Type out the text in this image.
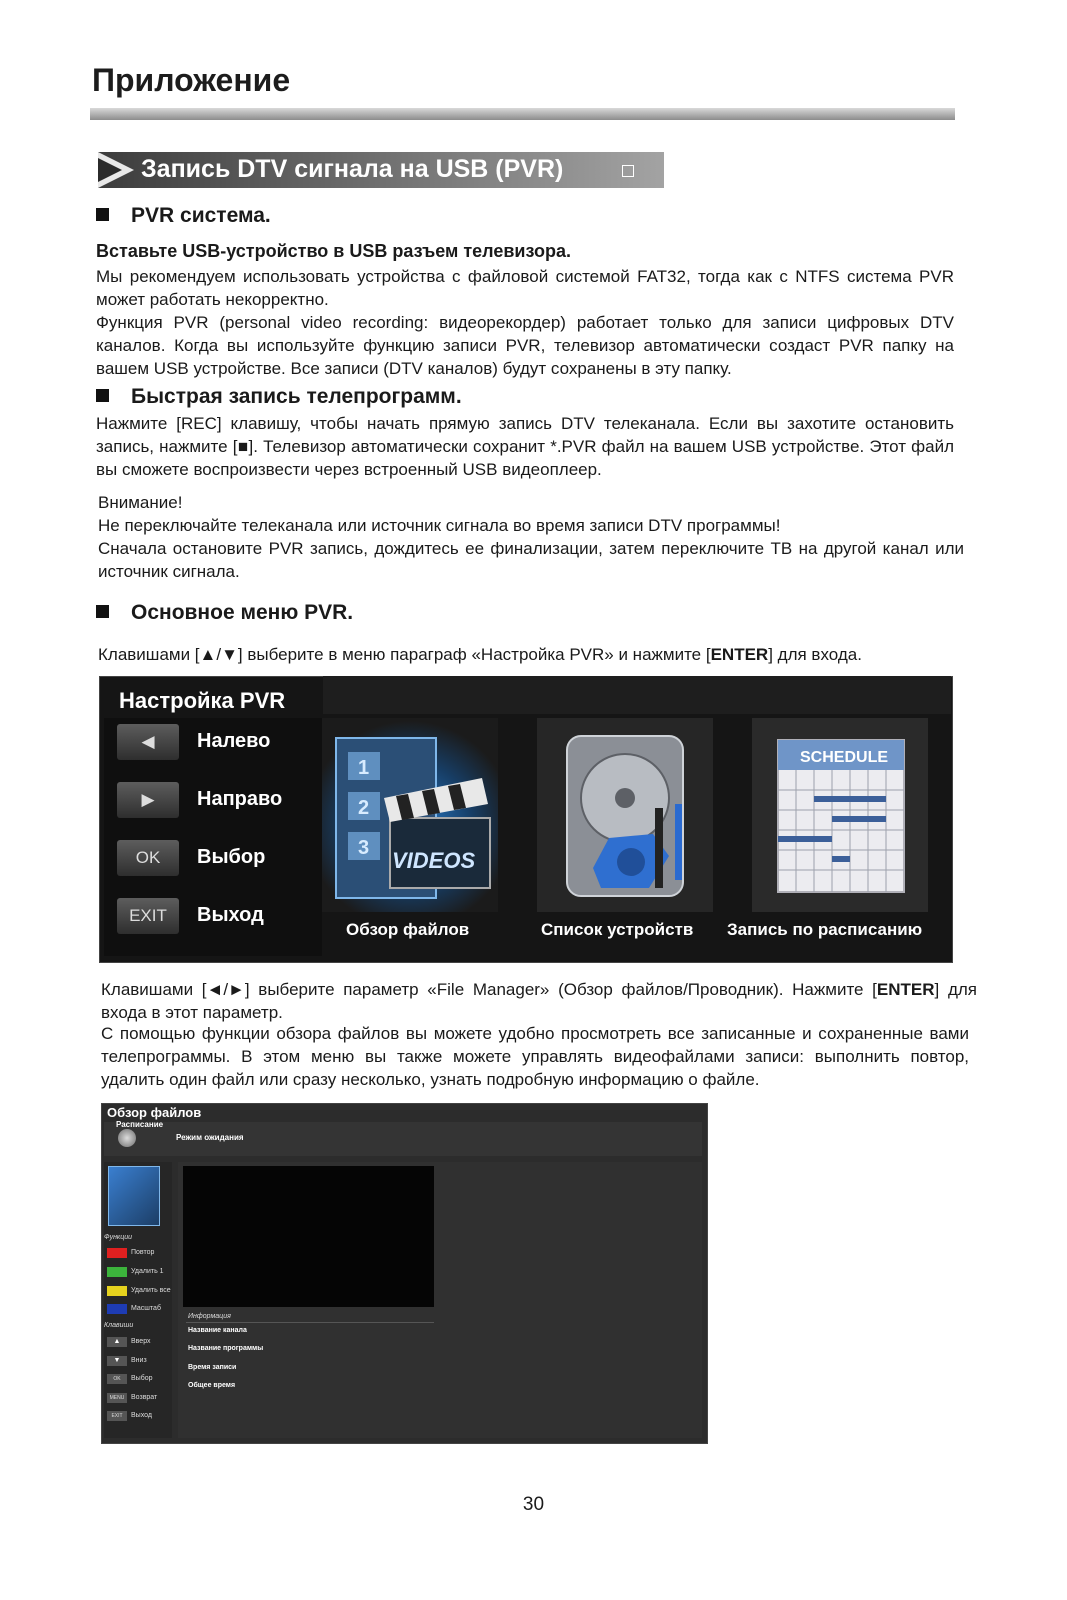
Приложение
Запись DTV сигнала на USB (PVR)
PVR система.
Вставьте USB-устройство в USB разъем телевизора.
Мы рекомендуем использовать устройства с файловой системой FAT32, тогда как с NTFS система PVR может работать некорректно.
Функция PVR (personal video recording: видеорекордер) работает только для записи цифровых DTV каналов. Когда вы используйте функцию записи PVR, телевизор автоматически создаст PVR папку на вашем USB устройстве. Все записи (DTV каналов) будут сохранены в эту папку.
Быстрая запись телепрограмм.
Нажмите [REC] клавишу, чтобы начать прямую запись DTV телеканала. Если вы захотите остановить запись, нажмите [■]. Телевизор автоматически сохранит *.PVR файл на вашем USB устройстве. Этот файл вы сможете воспроизвести через встроенный USB видеоплеер.
Внимание!
Не переключайте телеканала или источник сигнала во время записи DTV программы!
Сначала остановите PVR запись, дождитесь ее финализации, затем переключите ТВ на другой канал или источник сигнала.
Основное меню PVR.
Клавишами [▲/▼] выберите в меню параграф «Настройка PVR» и нажмите [ENTER] для входа.
Настройка PVR
◀	Налево
▶	Направо
OK	Выбор
EXIT	Выход
1
2
3 VIDEOS
SCHEDULE
Обзор файлов	Список устройств Запись по расписанию
Клавишами [◄/►] выберите параметр «File Manager» (Обзор файлов/Проводник). Нажмите [ENTER] для входа в этот параметр.
С помощью функции обзора файлов вы можете удобно просмотреть все записанные и сохраненные вами телепрограммы. В этом меню вы также можете управлять видеофайлами записи: выполнить повтор, удалить один файл или сразу несколько, узнать подробную информацию о файле.
Обзор файлов
Расписание
Режим ожидания
Функции
Повтор
Удалить 1
Удалить все
Масштаб
Клавиши
▲	Вверх
▼	Вниз
OK	Выбор
MENU Возврат
EXIT	Выход
Информация
Название канала
Название программы
Время записи
Общее время
30
